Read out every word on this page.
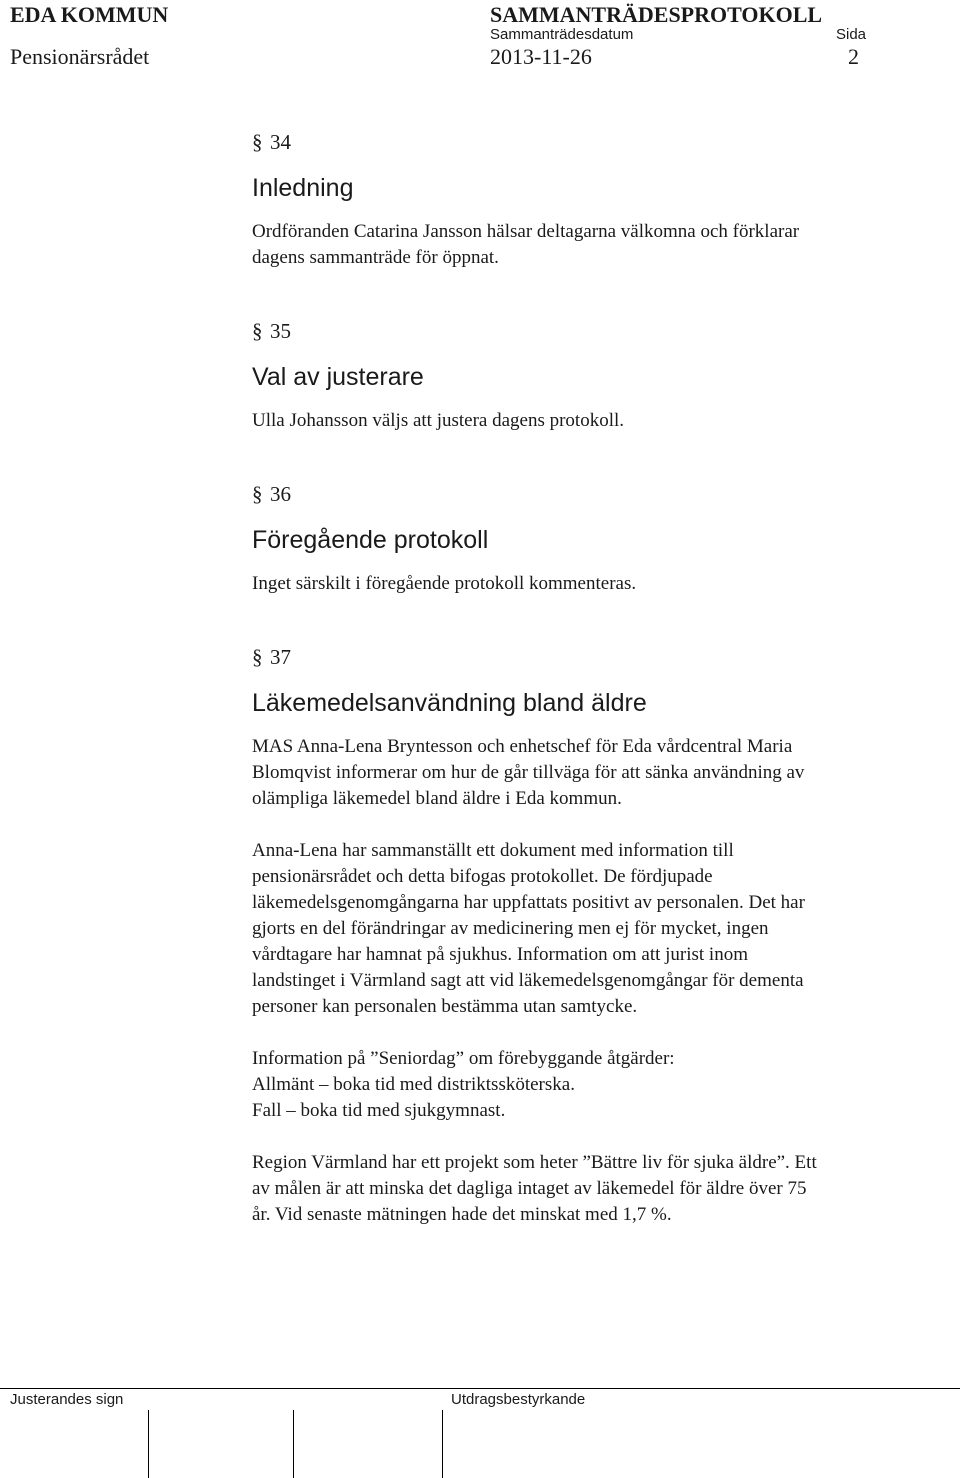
EDA KOMMUN	SAMMANTRÄDESPROTOKOLL
Sammanträdesdatum	Sida
Pensionärsrådet	2013-11-26	2
§ 34
Inledning

Ordföranden Catarina Jansson hälsar deltagarna välkomna och förklarar
dagens sammanträde för öppnat.

§ 35
Val av justerare

Ulla Johansson väljs att justera dagens protokoll.

§ 36
Föregående protokoll

Inget särskilt i föregående protokoll kommenteras.

§ 37
Läkemedelsanvändning bland äldre

MAS Anna-Lena Bryntesson och enhetschef för Eda vårdcentral Maria
Blomqvist informerar om hur de går tillväga för att sänka användning av
olämpliga läkemedel bland äldre i Eda kommun.

Anna-Lena har sammanställt ett dokument med information till
pensionärsrådet och detta bifogas protokollet. De fördjupade
läkemedelsgenomgångarna har uppfattats positivt av personalen. Det har
gjorts en del förändringar av medicinering men ej för mycket, ingen
vårdtagare har hamnat på sjukhus. Information om att jurist inom
landstinget i Värmland sagt att vid läkemedelsgenomgångar för dementa
personer kan personalen bestämma utan samtycke.

Information på ”Seniordag” om förebyggande åtgärder:
Allmänt – boka tid med distriktssköterska.
Fall – boka tid med sjukgymnast.

Region Värmland har ett projekt som heter ”Bättre liv för sjuka äldre”. Ett
av målen är att minska det dagliga intaget av läkemedel för äldre över 75
år. Vid senaste mätningen hade det minskat med 1,7 %.

Justerandes sign	Utdragsbestyrkande
